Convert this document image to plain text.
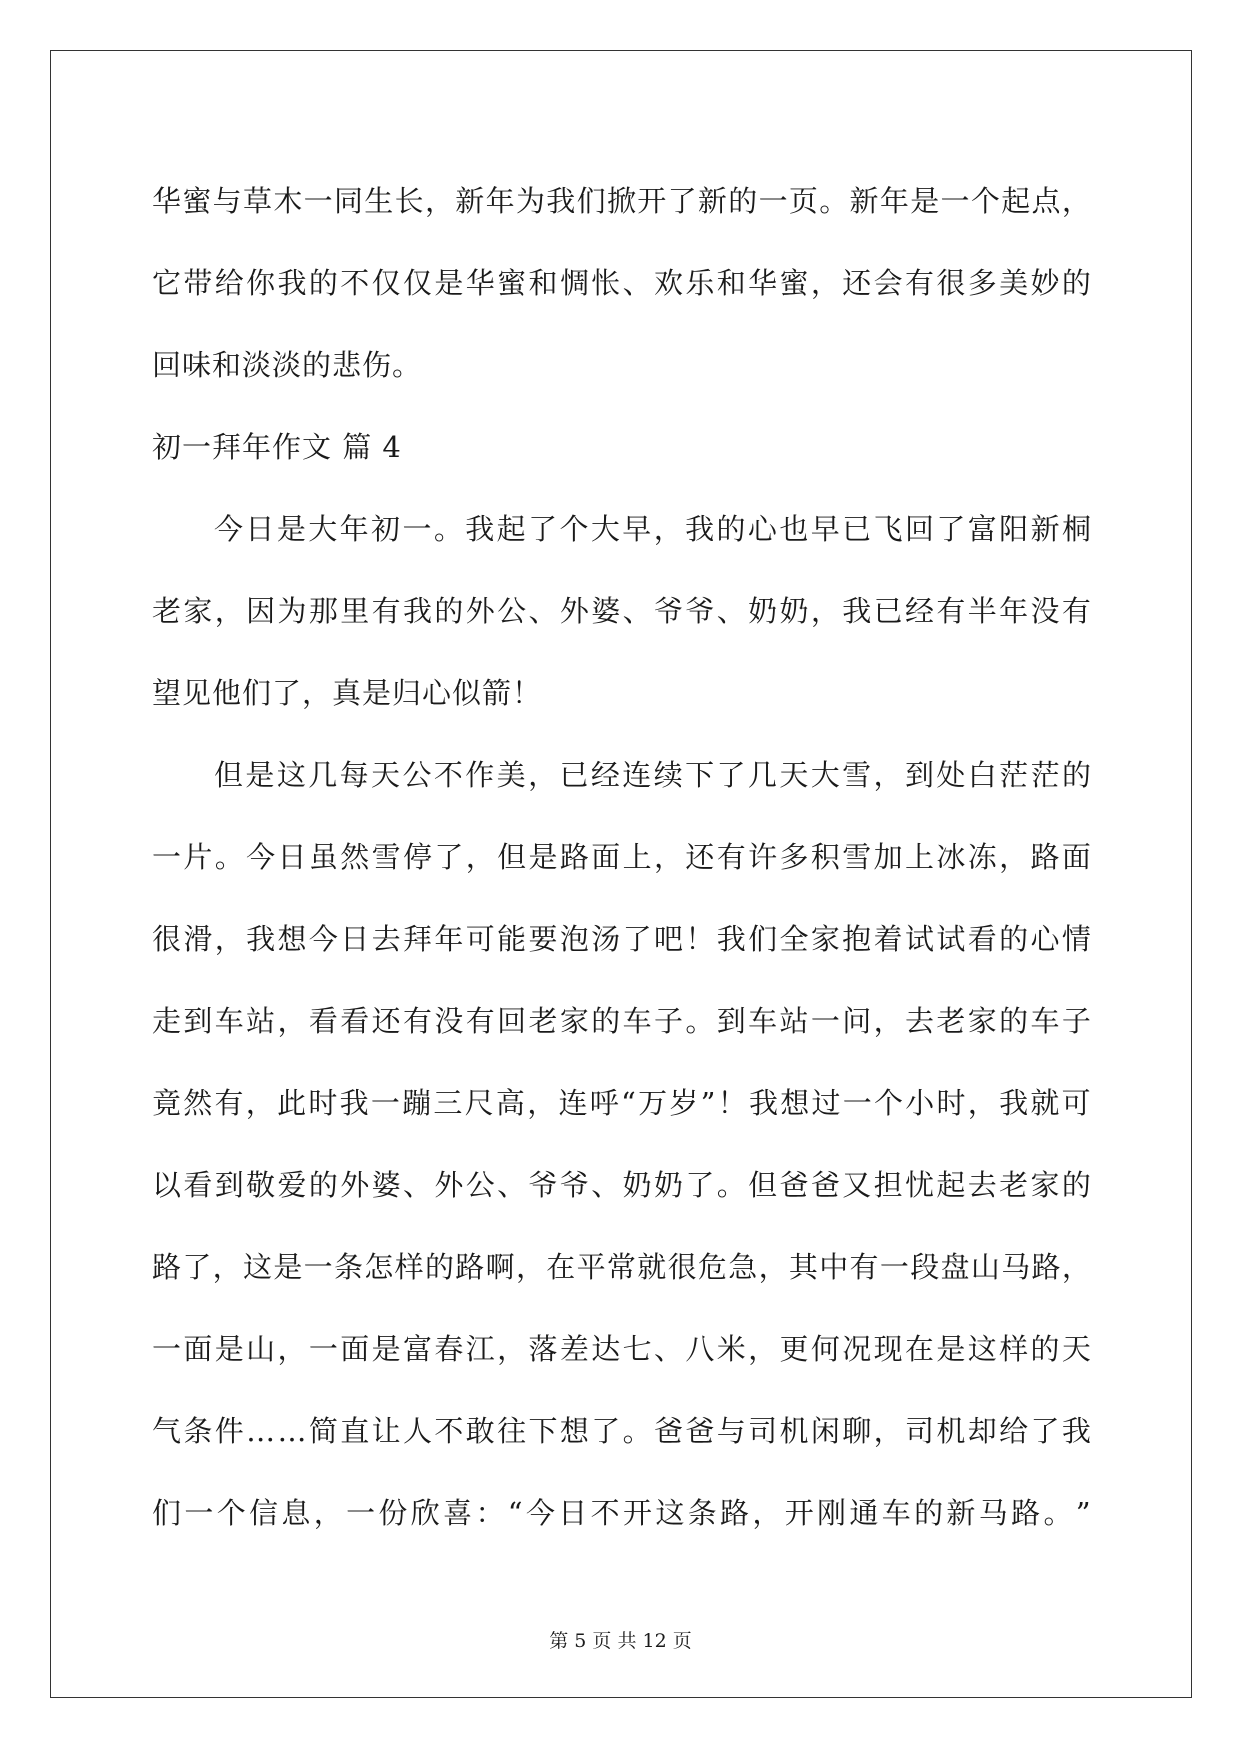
华 蜜 与 草 木 一 同 生 长 ， 新 年 为 我 们 掀 开 了 新 的 一 页 。 新 年 是 一 个 起 点 ，
它 带 给 你 我 的 不 仅 仅 是 华 蜜 和 惆 怅 、 欢 乐 和 华 蜜 ， 还 会 有 很 多 美 妙 的
回味和淡淡的悲伤。
初一拜年作文 篇 4
今 日 是 大 年 初 一 。 我 起 了 个 大 早 ， 我 的 心 也 早 已 飞 回 了 富 阳 新 桐
老 家 ， 因 为 那 里 有 我 的 外 公 、 外 婆 、 爷 爷 、 奶 奶 ， 我 已 经 有 半 年 没 有
望见他们了，真是归心似箭！
但 是 这 几 每 天 公 不 作 美 ， 已 经 连 续 下 了 几 天 大 雪 ， 到 处 白 茫 茫 的
一 片 。 今 日 虽 然 雪 停 了 ， 但 是 路 面 上 ， 还 有 许 多 积 雪 加 上 冰 冻 ， 路 面
很 滑 ， 我 想 今 日 去 拜 年 可 能 要 泡 汤 了 吧 ！ 我 们 全 家 抱 着 试 试 看 的 心 情
走 到 车 站 ， 看 看 还 有 没 有 回 老 家 的 车 子 。 到 车 站 一 问 ， 去 老 家 的 车 子
竟 然 有 ， 此 时 我 一 蹦 三 尺 高 ， 连 呼 “ 万 岁 ” ！ 我 想 过 一 个 小 时 ， 我 就 可
以 看 到 敬 爱 的 外 婆 、 外 公 、 爷 爷 、 奶 奶 了 。 但 爸 爸 又 担 忧 起 去 老 家 的
路 了 ， 这 是 一 条 怎 样 的 路 啊 ， 在 平 常 就 很 危 急 ， 其 中 有 一 段 盘 山 马 路 ，
一 面 是 山 ， 一 面 是 富 春 江 ， 落 差 达 七 、 八 米 ， 更 何 况 现 在 是 这 样 的 天
气 条 件 … … 简 直 让 人 不 敢 往 下 想 了 。 爸 爸 与 司 机 闲 聊 ， 司 机 却 给 了 我
们 一 个 信 息 ， 一 份 欣 喜 ： “ 今 日 不 开 这 条 路 ， 开 刚 通 车 的 新 马 路 。 ”
第 5 页 共 12 页
